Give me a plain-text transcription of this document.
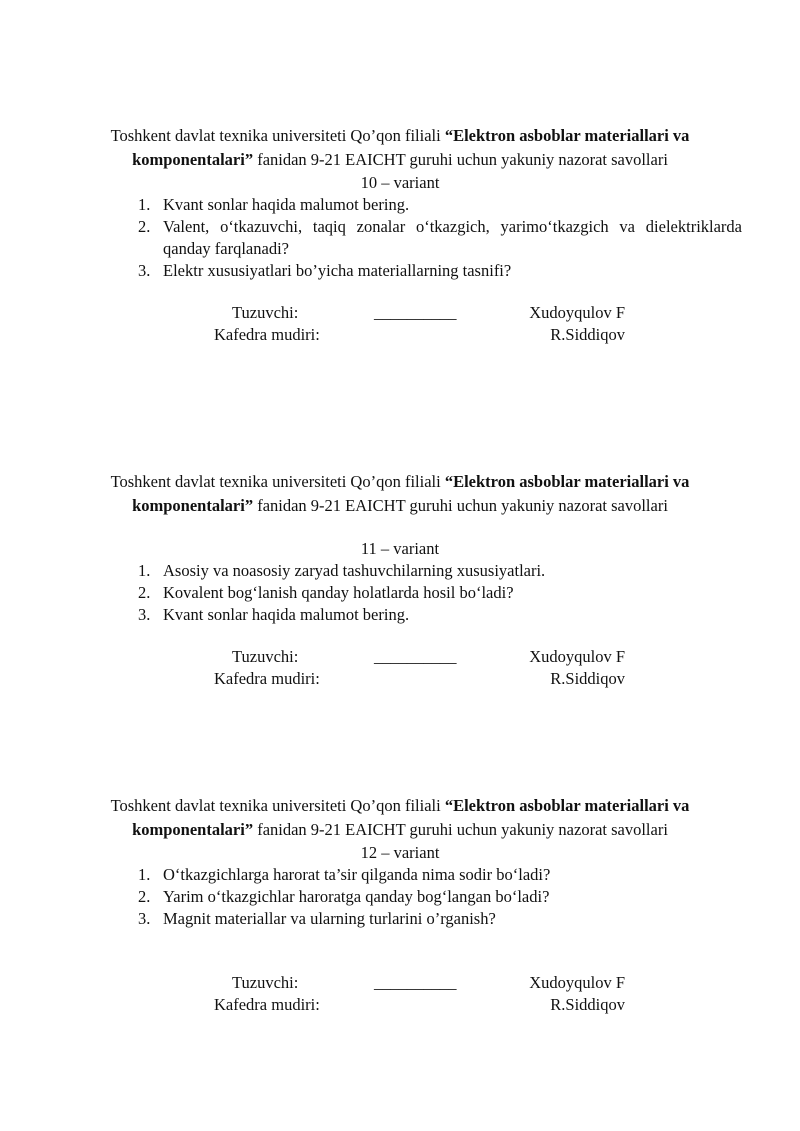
Toshkent davlat texnika universiteti Qo’qon filiali “Elektron asboblar materiallari va komponentalari” fanidan 9-21 EAICHT guruhi uchun yakuniy nazorat savollari
10 – variant
1. Kvant sonlar haqida malumot bering.
2. Valent, o‘tkazuvchi, taqiq zonalar o‘tkazgich, yarimo‘tkazgich va dielektriklarda qanday farqlanadi?
3. Elektr xususiyatlari bo’yicha materiallarning tasnifi?
Tuzuvchi:	__________	Xudoyqulov F
Kafedra mudiri:	R.Siddiqov
Toshkent davlat texnika universiteti Qo’qon filiali “Elektron asboblar materiallari va komponentalari” fanidan 9-21 EAICHT guruhi uchun yakuniy nazorat savollari
11 – variant
1. Asosiy va noasosiy zaryad tashuvchilarning xususiyatlari.
2. Kovalent bog‘lanish qanday holatlarda hosil bo‘ladi?
3. Kvant sonlar haqida malumot bering.
Tuzuvchi:	__________	Xudoyqulov F
Kafedra mudiri:	R.Siddiqov
Toshkent davlat texnika universiteti Qo’qon filiali “Elektron asboblar materiallari va komponentalari” fanidan 9-21 EAICHT guruhi uchun yakuniy nazorat savollari
12 – variant
1. O‘tkazgichlarga harorat ta’sir qilganda nima sodir bo‘ladi?
2. Yarim o‘tkazgichlar haroratga qanday bog‘langan bo‘ladi?
3. Magnit materiallar va ularning turlarini o’rganish?
Tuzuvchi:	__________	Xudoyqulov F
Kafedra mudiri:	R.Siddiqov
